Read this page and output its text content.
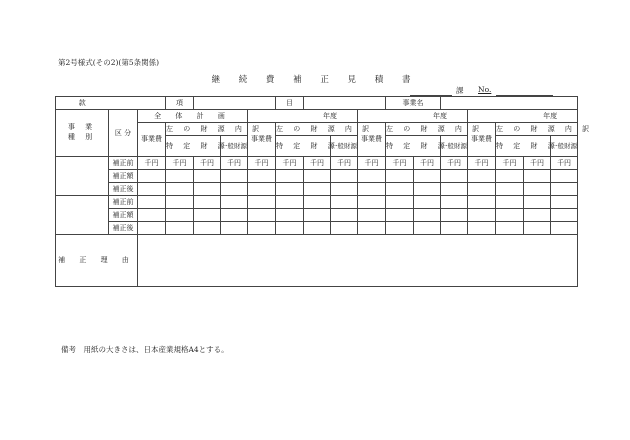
第2号様式(その2)(第5条関係)
継 続 費 補 正 見 積 書
課 No.
款			項				目				事業名						
事 業 種 別	区 分	全 体 計 画				年度				年度				年度			
		事業費	左 の 財 源 内 訳			事業費	左 の 財 源 内 訳			事業費	左 の 財 源 内 訳			事業費	左 の 財 源 内 訳		
			特 定 財 源		一般財源		特 定 財 源		一般財源		特 定 財 源		一般財源		特 定 財 源		一般財源
	補正前	千円	千円	千円	千円	千円	千円	千円	千円	千円	千円	千円	千円	千円	千円	千円	千円
	補正額																
	補正後																
	補正前																
	補正額																
	補正後																
補 正 理 由																	
備考　用紙の大きさは、日本産業規格A4とする。
